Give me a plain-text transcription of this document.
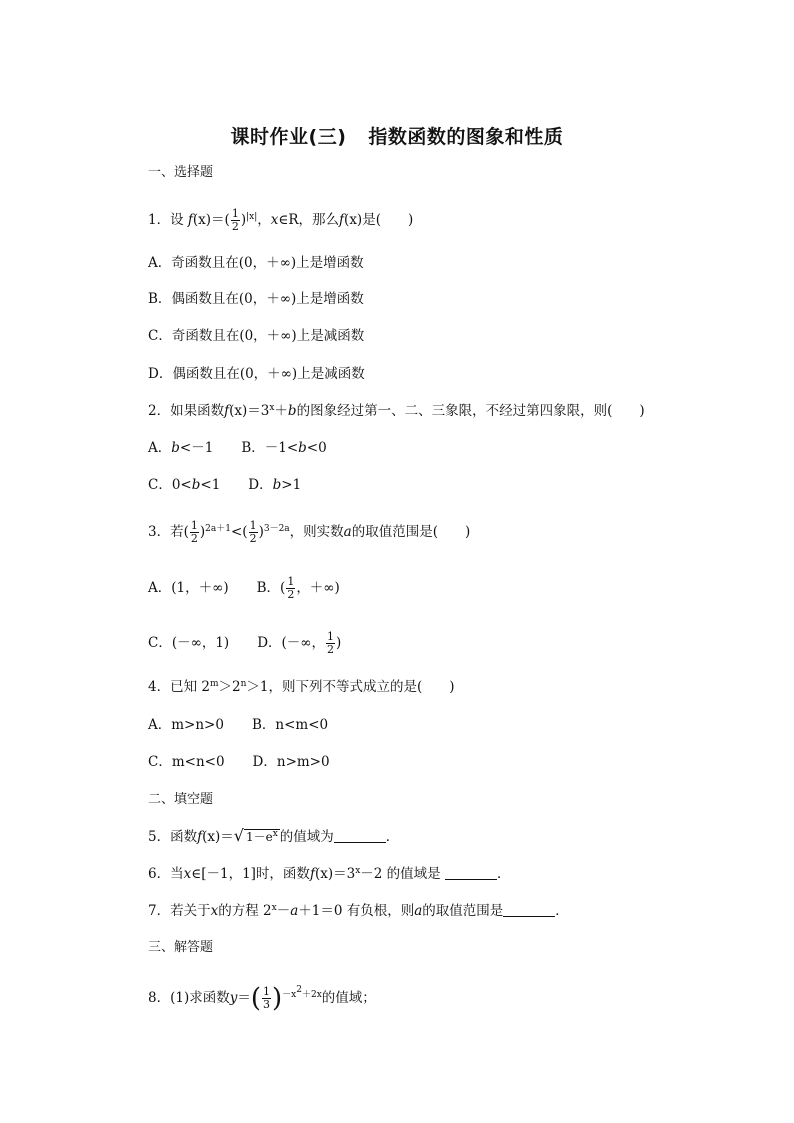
课时作业(三) 指数函数的图象和性质
一、选择题
1．设 $f(x)=( \frac{1}{2} )^{|x|}$，x∈R，那么f(x)是(　　)
A．奇函数且在(0，＋∞)上是增函数
B．偶函数且在(0，＋∞)上是增函数
C．奇函数且在(0，＋∞)上是减函数
D．偶函数且在(0，＋∞)上是减函数
2．如果函数$f(x)=3^x+b$的图象经过第一、二、三象限，不经过第四象限，则(　　)
A．b<－1 B．－1<b<0
C．0<b<1 D．b>1
3．若( $\frac{1}{2} )^{2a+1}<( \frac{1}{2} )^{3-2a}$，则实数a的取值范围是(　　)
A．(1，＋∞) B．( $\frac{1}{2}$ ，＋∞)
C．(－∞，1) D．(－∞， $\frac{1}{2}$ )
4．已知 $2^m>2^n>1$，则下列不等式成立的是(　　)
A．m>n>0 B．n<m<0
C．m<n<0 D．n>m>0
二、填空题
5．函数f(x)＝ √ $1-e^x$ 的值域为	．
6．当x∈[－1，1]时，函数$f(x)=3^x-2$ 的值域是	．
7．若关于x的方程 $2^x-a+1=0$ 有负根，则a的取值范围是	．
三、解答题
8．(1)求函数$y=( \frac{1}{3} )^{-x^2+2x}$的值域；
